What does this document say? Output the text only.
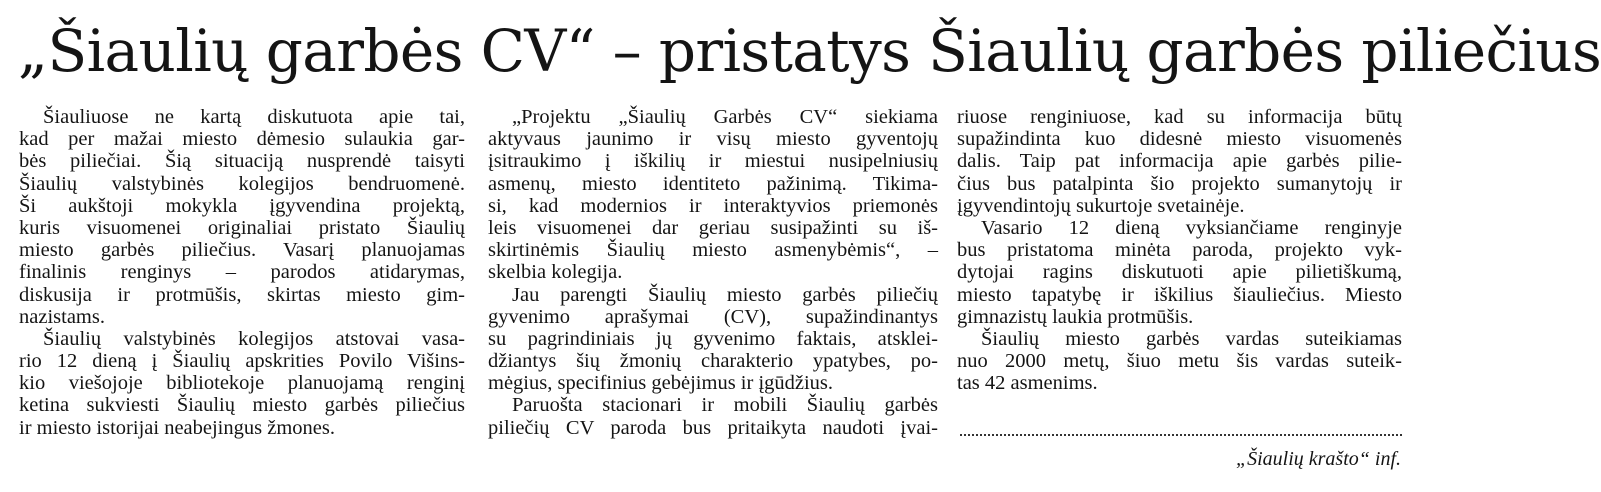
„Šiaulių garbės CV“ – pristatys Šiaulių garbės piliečius
Šiauliuose ne kartą diskutuota apie tai,
kad per mažai miesto dėmesio sulaukia gar-
bės piliečiai. Šią situaciją nusprendė taisyti
Šiaulių valstybinės kolegijos bendruomenė.
Ši aukštoji mokykla įgyvendina projektą,
kuris visuomenei originaliai pristato Šiaulių
miesto garbės piliečius. Vasarį planuojamas
finalinis renginys – parodos atidarymas,
diskusija ir protmūšis, skirtas miesto gim-
nazistams.
Šiaulių valstybinės kolegijos atstovai vasa-
rio 12 dieną į Šiaulių apskrities Povilo Višins-
kio viešojoje bibliotekoje planuojamą renginį
ketina sukviesti Šiaulių miesto garbės piliečius
ir miesto istorijai neabejingus žmones.
„Projektu „Šiaulių Garbės CV“ siekiama
aktyvaus jaunimo ir visų miesto gyventojų
įsitraukimo į iškilių ir miestui nusipelniusių
asmenų, miesto identiteto pažinimą. Tikima-
si, kad modernios ir interaktyvios priemonės
leis visuomenei dar geriau susipažinti su iš-
skirtinėmis Šiaulių miesto asmenybėmis“, –
skelbia kolegija.
Jau parengti Šiaulių miesto garbės piliečių
gyvenimo aprašymai (CV), supažindinantys
su pagrindiniais jų gyvenimo faktais, atsklei-
džiantys šių žmonių charakterio ypatybes, po-
mėgius, specifinius gebėjimus ir įgūdžius.
Paruošta stacionari ir mobili Šiaulių garbės
piliečių CV paroda bus pritaikyta naudoti įvai-
riuose renginiuose, kad su informacija būtų
supažindinta kuo didesnė miesto visuomenės
dalis. Taip pat informacija apie garbės pilie-
čius bus patalpinta šio projekto sumanytojų ir
įgyvendintojų sukurtoje svetainėje.
Vasario 12 dieną vyksiančiame renginyje
bus pristatoma minėta paroda, projekto vyk-
dytojai ragins diskutuoti apie pilietiškumą,
miesto tapatybę ir iškilius šiauliečius. Miesto
gimnazistų laukia protmūšis.
Šiaulių miesto garbės vardas suteikiamas
nuo 2000 metų, šiuo metu šis vardas suteik-
tas 42 asmenims.
„Šiaulių krašto“ inf.
